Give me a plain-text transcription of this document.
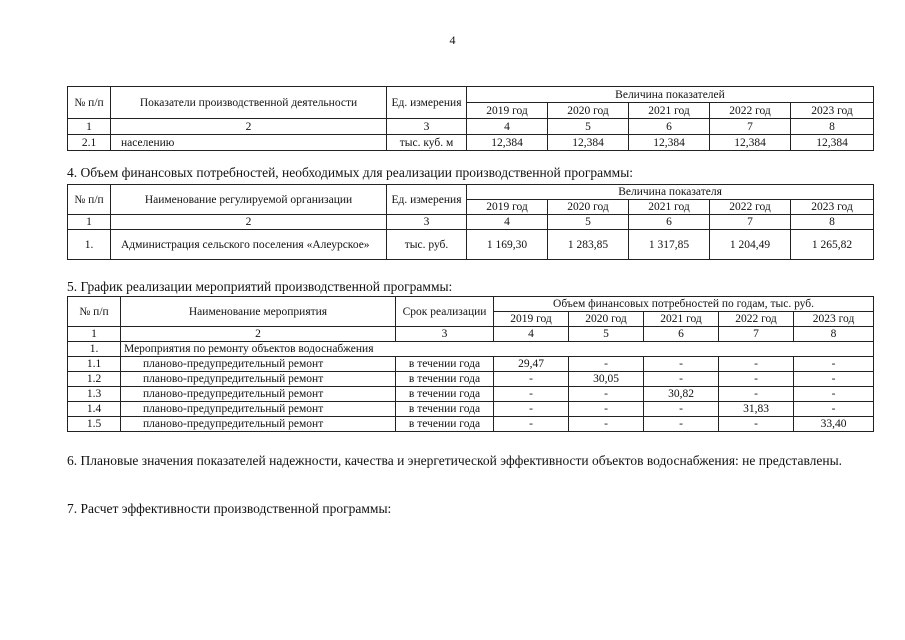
4
№ п/п	Показатели производственной деятельности	Ед. измерения	Величина показателей				
			2019 год	2020 год	2021 год	2022 год	2023 год
1	2	3	4	5	6	7	8
2.1	населению	тыс. куб. м	12,384	12,384	12,384	12,384	12,384
4. Объем финансовых потребностей, необходимых для реализации производственной программы:
№ п/п	Наименование регулируемой организации	Ед. измерения	Величина показателя				
			2019 год	2020 год	2021 год	2022 год	2023 год
1	2	3	4	5	6	7	8
1.	Администрация сельского поселения «Алеурское»	тыс. руб.	1 169,30	1 283,85	1 317,85	1 204,49	1 265,82
5. График реализации мероприятий производственной программы:
№ п/п	Наименование мероприятия	Срок реализации	Объем финансовых потребностей по годам, тыс. руб.				
			2019 год	2020 год	2021 год	2022 год	2023 год
1	2	3	4	5	6	7	8
1.	Мероприятия по ремонту объектов водоснабжения						
1.1	планово-предупредительный ремонт	в течении года	29,47	-	-	-	-
1.2	планово-предупредительный ремонт	в течении года	-	30,05	-	-	-
1.3	планово-предупредительный ремонт	в течении года	-	-	30,82	-	-
1.4	планово-предупредительный ремонт	в течении года	-	-	-	31,83	-
1.5	планово-предупредительный ремонт	в течении года	-	-	-	-	33,40
6. Плановые значения показателей надежности, качества и энергетической эффективности объектов водоснабжения: не представлены.
7. Расчет эффективности производственной программы:
